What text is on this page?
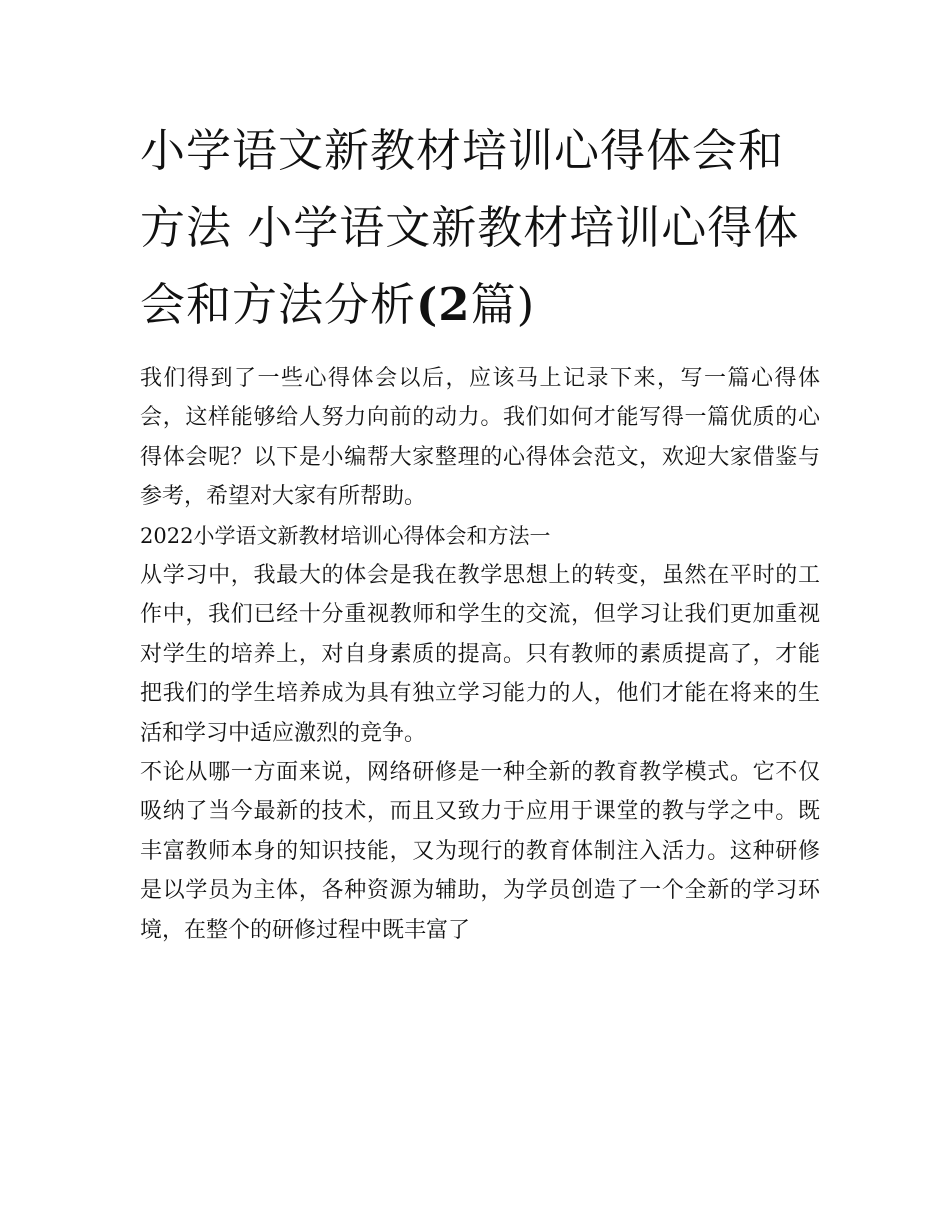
小学语文新教材培训心得体会和方法 小学语文新教材培训心得体会和方法分析(2篇)

我们得到了一些心得体会以后，应该马上记录下来，写一篇心得体会，这样能够给人努力向前的动力。我们如何才能写得一篇优质的心得体会呢？以下是小编帮大家整理的心得体会范文，欢迎大家借鉴与参考，希望对大家有所帮助。

2022小学语文新教材培训心得体会和方法一

从学习中，我最大的体会是我在教学思想上的转变，虽然在平时的工作中，我们已经十分重视教师和学生的交流，但学习让我们更加重视对学生的培养上，对自身素质的提高。只有教师的素质提高了，才能把我们的学生培养成为具有独立学习能力的人，他们才能在将来的生活和学习中适应激烈的竞争。

不论从哪一方面来说，网络研修是一种全新的教育教学模式。它不仅吸纳了当今最新的技术，而且又致力于应用于课堂的教与学之中。既丰富教师本身的知识技能，又为现行的教育体制注入活力。这种研修是以学员为主体，各种资源为辅助，为学员创造了一个全新的学习环境，在整个的研修过程中既丰富了
